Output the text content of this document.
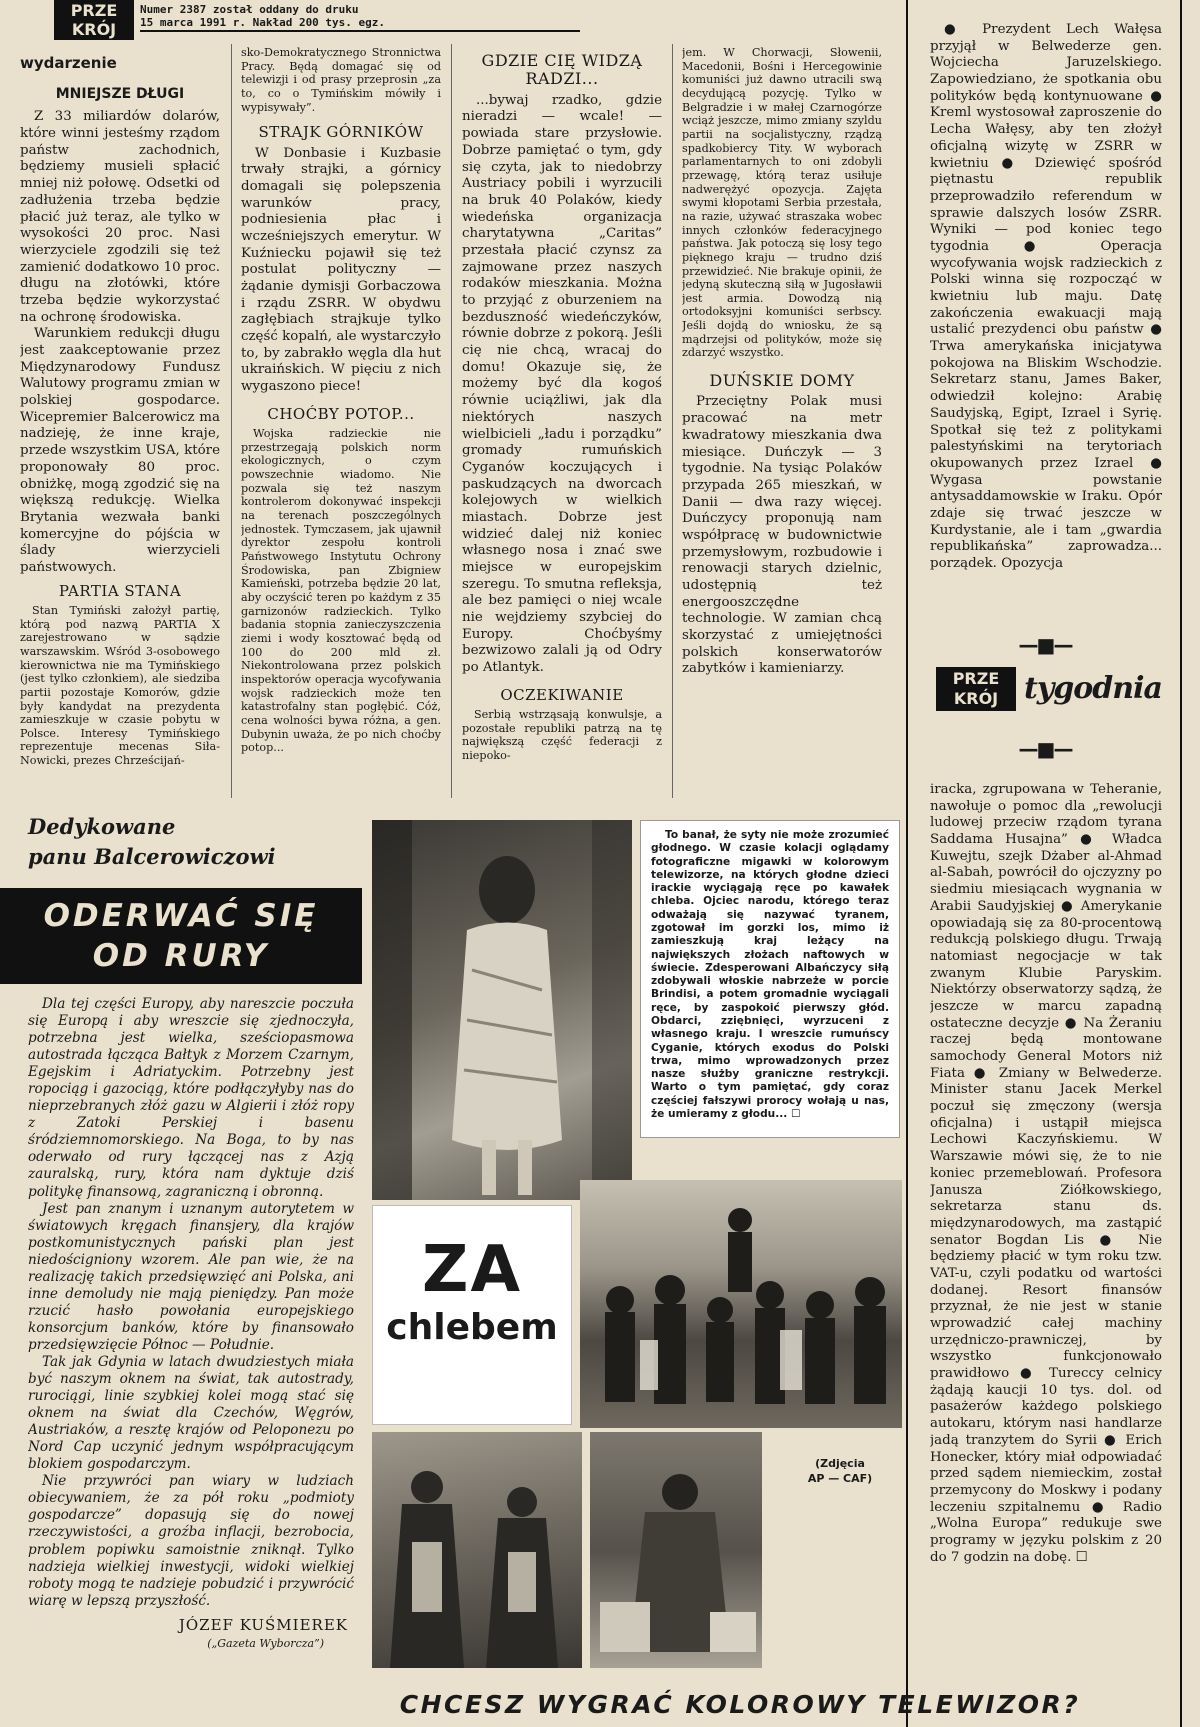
PRZE
KRÓJ
Numer 2387 został oddany do druku
15 marca 1991 r. Nakład 200 tys. egz.
wydarzenie
MNIEJSZE DŁUGI

Z 33 miliardów dolarów, które winni jesteśmy rządom państw zachodnich, będziemy musieli spłacić mniej niż połowę. Odsetki od zadłużenia trzeba będzie płacić już teraz, ale tylko w wysokości 20 proc. Nasi wierzyciele zgodzili się też zamienić dodatkowo 10 proc. długu na złotówki, które trzeba będzie wykorzystać na ochronę środowiska.

Warunkiem redukcji długu jest zaakceptowanie przez Międzynarodowy Fundusz Walutowy programu zmian w polskiej gospodarce. Wicepremier Balcerowicz ma nadzieję, że inne kraje, przede wszystkim USA, które proponowały 80 proc. obniżkę, mogą zgodzić się na większą redukcję. Wielka Brytania wezwała banki komercyjne do pójścia w ślady wierzycieli państwowych.

PARTIA STANA

Stan Tymiński założył partię, którą pod nazwą PARTIA X zarejestrowano w sądzie warszawskim. Wśród 3-osobowego kierownictwa nie ma Tymińskiego (jest tylko członkiem), ale siedziba partii pozostaje Komorów, gdzie były kandydat na prezydenta zamieszkuje w czasie pobytu w Polsce. Interesy Tymińskiego reprezentuje mecenas Siła-Nowicki, prezes Chrześcijań-

sko-Demokratycznego Stronnictwa Pracy. Będą domagać się od telewizji i od prasy przeprosin „za to, co o Tymińskim mówiły i wypisywały”.

STRAJK GÓRNIKÓW

W Donbasie i Kuzbasie trwały strajki, a górnicy domagali się polepszenia warunków pracy, podniesienia płac i wcześniejszych emerytur. W Kuźniecku pojawił się też postulat polityczny — żądanie dymisji Gorbaczowa i rządu ZSRR. W obydwu zagłębiach strajkuje tylko część kopalń, ale wystarczyło to, by zabrakło węgla dla hut ukraińskich. W pięciu z nich wygaszono piece!

CHOĆBY POTOP...

Wojska radzieckie nie przestrzegają polskich norm ekologicznych, o czym powszechnie wiadomo. Nie pozwala się też naszym kontrolerom dokonywać inspekcji na terenach poszczególnych jednostek. Tymczasem, jak ujawnił dyrektor zespołu kontroli Państwowego Instytutu Ochrony Środowiska, pan Zbigniew Kamieński, potrzeba będzie 20 lat, aby oczyścić teren po każdym z 35 garnizonów radzieckich. Tylko badania stopnia zanieczyszczenia ziemi i wody kosztować będą od 100 do 200 mld zł. Niekontrolowana przez polskich inspektorów operacja wycofywania wojsk radzieckich może ten katastrofalny stan pogłębić. Cóż, cena wolności bywa różna, a gen. Dubynin uważa, że po nich choćby potop...

GDZIE CIĘ WIDZĄ RADZI...

...bywaj rzadko, gdzie nieradzi — wcale! — powiada stare przysłowie. Dobrze pamiętać o tym, gdy się czyta, jak to niedobrzy Austriacy pobili i wyrzucili na bruk 40 Polaków, kiedy wiedeńska organizacja charytatywna „Caritas” przestała płacić czynsz za zajmowane przez naszych rodaków mieszkania. Można to przyjąć z oburzeniem na bezduszność wiedeńczyków, równie dobrze z pokorą. Jeśli cię nie chcą, wracaj do domu! Okazuje się, że możemy być dla kogoś równie uciążliwi, jak dla niektórych naszych wielbicieli „ładu i porządku” gromady rumuńskich Cyganów koczujących i paskudzących na dworcach kolejowych w wielkich miastach. Dobrze jest widzieć dalej niż koniec własnego nosa i znać swe miejsce w europejskim szeregu. To smutna refleksja, ale bez pamięci o niej wcale nie wejdziemy szybciej do Europy. Choćbyśmy bezwizowo zalali ją od Odry po Atlantyk.

OCZEKIWANIE

Serbią wstrząsają konwulsje, a pozostałe republiki patrzą na tę największą część federacji z niepoko-

jem. W Chorwacji, Słowenii, Macedonii, Bośni i Hercegowinie komuniści już dawno utracili swą decydującą pozycję. Tylko w Belgradzie i w małej Czarnogórze wciąż jeszcze, mimo zmiany szyldu partii na socjalistyczny, rządzą spadkobiercy Tity. W wyborach parlamentarnych to oni zdobyli przewagę, którą teraz usiłuje nadwerężyć opozycja. Zajęta swymi kłopotami Serbia przestała, na razie, używać straszaka wobec innych członków federacyjnego państwa. Jak potoczą się losy tego pięknego kraju — trudno dziś przewidzieć. Nie brakuje opinii, że jedyną skuteczną siłą w Jugosławii jest armia. Dowodzą nią ortodoksyjni komuniści serbscy. Jeśli dojdą do wniosku, że są mądrzejsi od polityków, może się zdarzyć wszystko.

DUŃSKIE DOMY

Przeciętny Polak musi pracować na metr kwadratowy mieszkania dwa miesiące. Duńczyk — 3 tygodnie. Na tysiąc Polaków przypada 265 mieszkań, w Danii — dwa razy więcej. Duńczycy proponują nam współpracę w budownictwie przemysłowym, rozbudowie i renowacji starych dzielnic, udostępnią też energooszczędne technologie. W zamian chcą skorzystać z umiejętności polskich konserwatorów zabytków i kamieniarzy.

● Prezydent Lech Wałęsa przyjął w Belwederze gen. Wojciecha Jaruzelskiego. Zapowiedziano, że spotkania obu polityków będą kontynuowane ● Kreml wystosował zaproszenie do Lecha Wałęsy, aby ten złożył oficjalną wizytę w ZSRR w kwietniu ● Dziewięć spośród piętnastu republik przeprowadziło referendum w sprawie dalszych losów ZSRR. Wyniki — pod koniec tego tygodnia ● Operacja wycofywania wojsk radzieckich z Polski winna się rozpocząć w kwietniu lub maju. Datę zakończenia ewakuacji mają ustalić prezydenci obu państw ● Trwa amerykańska inicjatywa pokojowa na Bliskim Wschodzie. Sekretarz stanu, James Baker, odwiedził kolejno: Arabię Saudyjską, Egipt, Izrael i Syrię. Spotkał się też z politykami palestyńskimi na terytoriach okupowanych przez Izrael ● Wygasa powstanie antysaddamowskie w Iraku. Opór zdaje się trwać jeszcze w Kurdystanie, ale i tam „gwardia republikańska” zaprowadza... porządek. Opozycja

—■—
PRZE
KRÓJ tygodnia
—■—

iracka, zgrupowana w Teheranie, nawołuje o pomoc dla „rewolucji ludowej przeciw rządom tyrana Saddama Husajna” ● Władca Kuwejtu, szejk Dżaber al-Ahmad al-Sabah, powrócił do ojczyzny po siedmiu miesiącach wygnania w Arabii Saudyjskiej ● Amerykanie opowiadają się za 80-procentową redukcją polskiego długu. Trwają natomiast negocjacje w tak zwanym Klubie Paryskim. Niektórzy obserwatorzy sądzą, że jeszcze w marcu zapadną ostateczne decyzje ● Na Żeraniu raczej będą montowane samochody General Motors niż Fiata ● Zmiany w Belwederze. Minister stanu Jacek Merkel poczuł się zmęczony (wersja oficjalna) i ustąpił miejsca Lechowi Kaczyńskiemu. W Warszawie mówi się, że to nie koniec przemeblowań. Profesora Janusza Ziółkowskiego, sekretarza stanu ds. międzynarodowych, ma zastąpić senator Bogdan Lis ● Nie będziemy płacić w tym roku tzw. VAT-u, czyli podatku od wartości dodanej. Resort finansów przyznał, że nie jest w stanie wprowadzić całej machiny urzędniczo-prawniczej, by wszystko funkcjonowało prawidłowo ● Tureccy celnicy żądają kaucji 10 tys. dol. od pasażerów każdego polskiego autokaru, którym nasi handlarze jadą tranzytem do Syrii ● Erich Honecker, który miał odpowiadać przed sądem niemieckim, został przemycony do Moskwy i podany leczeniu szpitalnemu ● Radio „Wolna Europa” redukuje swe programy w języku polskim z 20 do 7 godzin na dobę. ☐

Dedykowane
panu Balcerowiczowi
ODERWAĆ SIĘ
OD RURY

Dla tej części Europy, aby nareszcie poczuła się Europą i aby wreszcie się zjednoczyła, potrzebna jest wielka, sześciopasmowa autostrada łącząca Bałtyk z Morzem Czarnym, Egejskim i Adriatyckim. Potrzebny jest ropociąg i gazociąg, które podłączyłyby nas do nieprzebranych złóż gazu w Algierii i złóż ropy z Zatoki Perskiej i basenu śródziemnomorskiego. Na Boga, to by nas oderwało od rury łączącej nas z Azją zauralską, rury, która nam dyktuje dziś politykę finansową, zagraniczną i obronną.

Jest pan znanym i uznanym autorytetem w światowych kręgach finansjery, dla krajów postkomunistycznych pański plan jest niedościgniony wzorem. Ale pan wie, że na realizację takich przedsięwzięć ani Polska, ani inne demoludy nie mają pieniędzy. Pan może rzucić hasło powołania europejskiego konsorcjum banków, które by finansowało przedsięwzięcie Północ — Południe.

Tak jak Gdynia w latach dwudziestych miała być naszym oknem na świat, tak autostrady, rurociągi, linie szybkiej kolei mogą stać się oknem na świat dla Czechów, Węgrów, Austriaków, a resztę krajów od Peloponezu po Nord Cap uczynić jednym współpracującym blokiem gospodarczym.

Nie przywróci pan wiary w ludziach obiecywaniem, że za pół roku „podmioty gospodarcze” dopasują się do nowej rzeczywistości, a groźba inflacji, bezrobocia, problem popiwku samoistnie zniknął. Tylko nadzieja wielkiej inwestycji, widoki wielkiej roboty mogą te nadzieje pobudzić i przywrócić wiarę w lepszą przyszłość.

JÓZEF KUŚMIEREK
(„Gazeta Wyborcza”)
To banał, że syty nie może zrozumieć głodnego. W czasie kolacji oglądamy fotograficzne migawki w kolorowym telewizorze, na których głodne dzieci irackie wyciągają ręce po kawałek chleba. Ojciec narodu, którego teraz odważają się nazywać tyranem, zgotował im gorzki los, mimo iż zamieszkują kraj leżący na największych złożach naftowych w świecie. Zdesperowani Albańczycy siłą zdobywali włoskie nabrzeże w porcie Brindisi, a potem gromadnie wyciągali ręce, by zaspokoić pierwszy głód. Obdarci, zziębnięci, wyrzuceni z własnego kraju. I wreszcie rumuńscy Cyganie, których exodus do Polski trwa, mimo wprowadzonych przez nasze służby graniczne restrykcji. Warto o tym pamiętać, gdy coraz częściej fałszywi prorocy wołają u nas, że umieramy z głodu... ☐
ZA
chlebem
(Zdjęcia
AP — CAF)
CHCESZ WYGRAĆ KOLOROWY TELEWIZOR?
